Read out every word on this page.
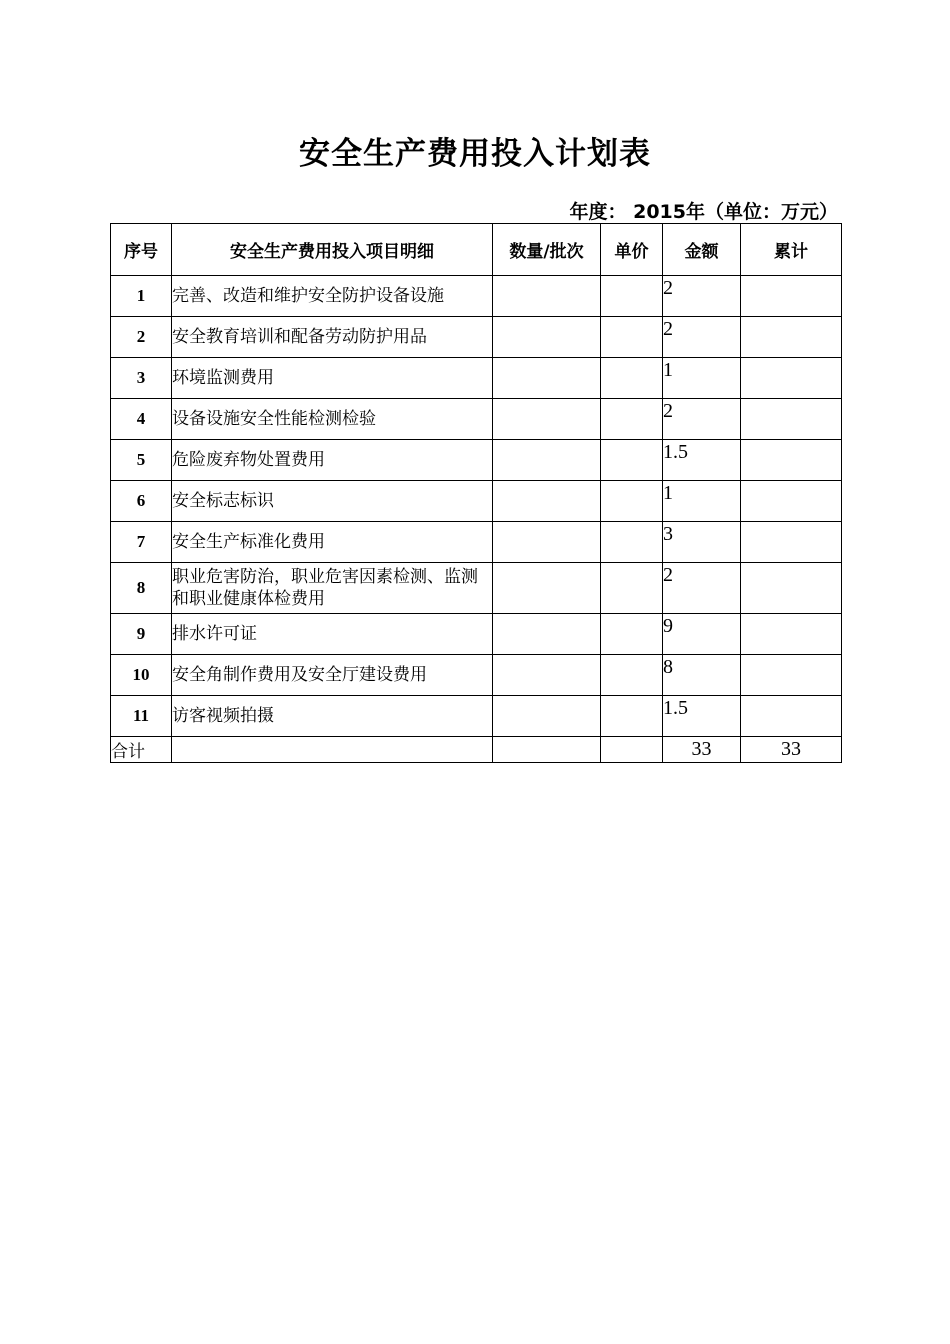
安全生产费用投入计划表
年度： 2015年（单位：万元）
序号	安全生产费用投入项目明细	数量/批次	单价	金额	累计
1	完善、改造和维护安全防护设备设施			2	
2	安全教育培训和配备劳动防护用品			2	
3	环境监测费用			1	
4	设备设施安全性能检测检验			2	
5	危险废弃物处置费用			1.5	
6	安全标志标识			1	
7	安全生产标准化费用			3	
8	职业危害防治，职业危害因素检测、监测和职业健康体检费用			2	
9	排水许可证			9	
10	安全角制作费用及安全厅建设费用			8	
11	访客视频拍摄			1.5	
合计				33	33
